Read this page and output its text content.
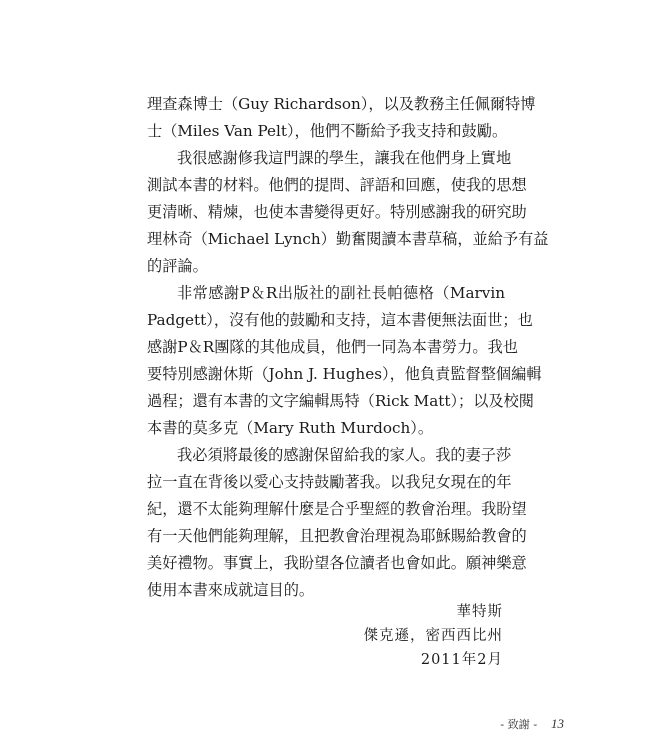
理查森博士（Guy Richardson），以及教務主任佩爾特博
士（Miles Van Pelt），他們不斷給予我支持和鼓勵。
我很感謝修我這門課的學生，讓我在他們身上實地
測試本書的材料。他們的提問、評語和回應，使我的思想
更清晰、精煉，也使本書變得更好。特別感謝我的研究助
理林奇（Michael Lynch）勤奮閱讀本書草稿，並給予有益
的評論。
非常感謝P＆R出版社的副社長帕德格（Marvin
Padgett），沒有他的鼓勵和支持，這本書便無法面世；也
感謝P＆R團隊的其他成員，他們一同為本書勞力。我也
要特別感謝休斯（John J. Hughes），他負責監督整個編輯
過程；還有本書的文字編輯馬特（Rick Matt）；以及校閱
本書的莫多克（Mary Ruth Murdoch）。
我必須將最後的感謝保留給我的家人。我的妻子莎
拉一直在背後以愛心支持鼓勵著我。以我兒女現在的年
紀，還不太能夠理解什麼是合乎聖經的教會治理。我盼望
有一天他們能夠理解，且把教會治理視為耶穌賜給教會的
美好禮物。事實上，我盼望各位讀者也會如此。願神樂意
使用本書來成就這目的。
華特斯
傑克遜，密西西比州
2011年2月
- 致謝 - 13
